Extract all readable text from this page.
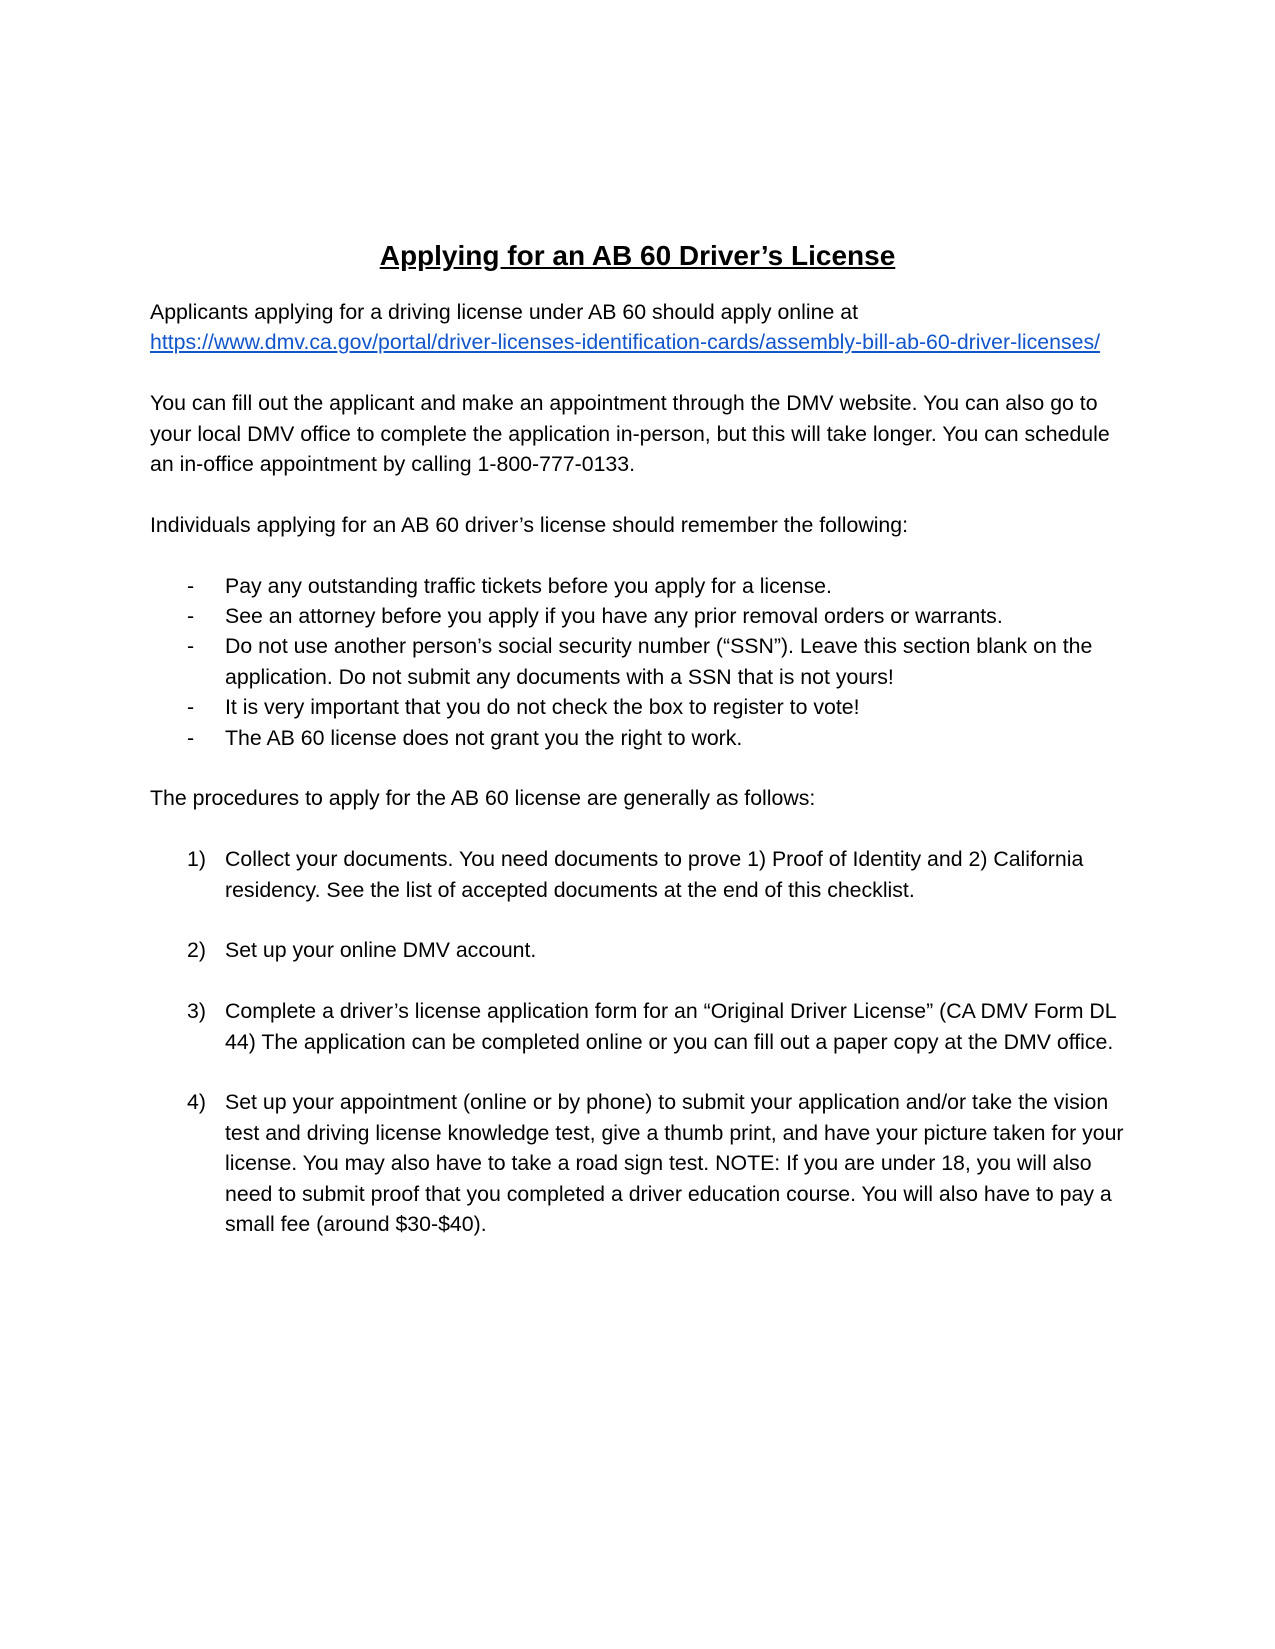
Applying for an AB 60 Driver’s License

Applicants applying for a driving license under AB 60 should apply online at
https://www.dmv.ca.gov/portal/driver-licenses-identification-cards/assembly-bill-ab-60-driver-licenses/

You can fill out the applicant and make an appointment through the DMV website. You can also go to your local DMV office to complete the application in-person, but this will take longer. You can schedule an in-office appointment by calling 1-800-777-0133.

Individuals applying for an AB 60 driver’s license should remember the following:

- Pay any outstanding traffic tickets before you apply for a license.
- See an attorney before you apply if you have any prior removal orders or warrants.
- Do not use another person’s social security number (“SSN”). Leave this section blank on the application. Do not submit any documents with a SSN that is not yours!
- It is very important that you do not check the box to register to vote!
- The AB 60 license does not grant you the right to work.

The procedures to apply for the AB 60 license are generally as follows:

1) Collect your documents. You need documents to prove 1) Proof of Identity and 2) California residency. See the list of accepted documents at the end of this checklist.
2) Set up your online DMV account.
3) Complete a driver’s license application form for an “Original Driver License” (CA DMV Form DL 44) The application can be completed online or you can fill out a paper copy at the DMV office.
4) Set up your appointment (online or by phone) to submit your application and/or take the vision test and driving license knowledge test, give a thumb print, and have your picture taken for your license. You may also have to take a road sign test. NOTE: If you are under 18, you will also need to submit proof that you completed a driver education course. You will also have to pay a small fee (around $30-$40).
